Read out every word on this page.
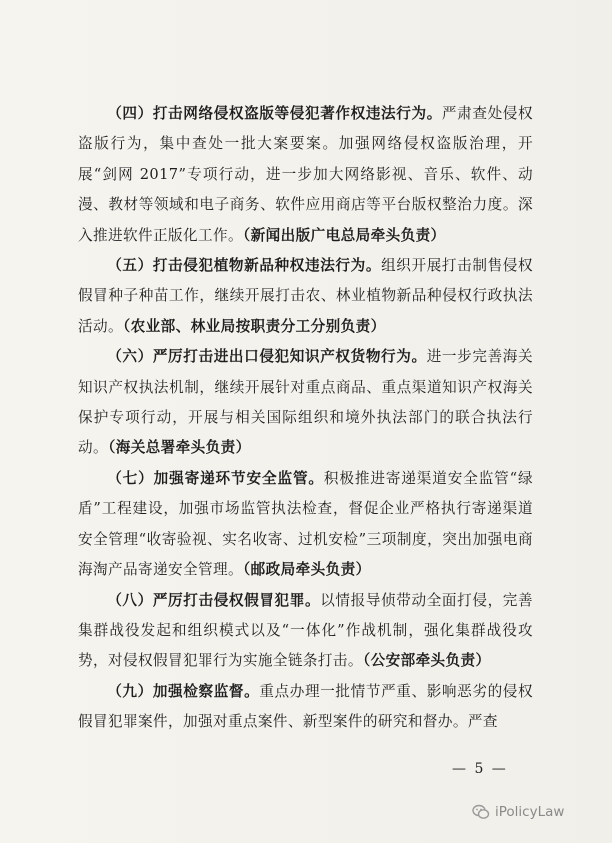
（四）打击网络侵权盗版等侵犯著作权违法行为。严肃查处侵权盗版行为，集中查处一批大案要案。加强网络侵权盗版治理，开展“剑网 2017”专项行动，进一步加大网络影视、音乐、软件、动漫、教材等领域和电子商务、软件应用商店等平台版权整治力度。深入推进软件正版化工作。（新闻出版广电总局牵头负责）

（五）打击侵犯植物新品种权违法行为。组织开展打击制售侵权假冒种子种苗工作，继续开展打击农、林业植物新品种侵权行政执法活动。（农业部、林业局按职责分工分别负责）

（六）严厉打击进出口侵犯知识产权货物行为。进一步完善海关知识产权执法机制，继续开展针对重点商品、重点渠道知识产权海关保护专项行动，开展与相关国际组织和境外执法部门的联合执法行动。（海关总署牵头负责）

（七）加强寄递环节安全监管。积极推进寄递渠道安全监管“绿盾”工程建设，加强市场监管执法检查，督促企业严格执行寄递渠道安全管理“收寄验视、实名收寄、过机安检”三项制度，突出加强电商海淘产品寄递安全管理。（邮政局牵头负责）

（八）严厉打击侵权假冒犯罪。以情报导侦带动全面打侵，完善集群战役发起和组织模式以及“一体化”作战机制，强化集群战役攻势，对侵权假冒犯罪行为实施全链条打击。（公安部牵头负责）

（九）加强检察监督。重点办理一批情节严重、影响恶劣的侵权假冒犯罪案件，加强对重点案件、新型案件的研究和督办。严查

— 5 —
iPolicyLaw
